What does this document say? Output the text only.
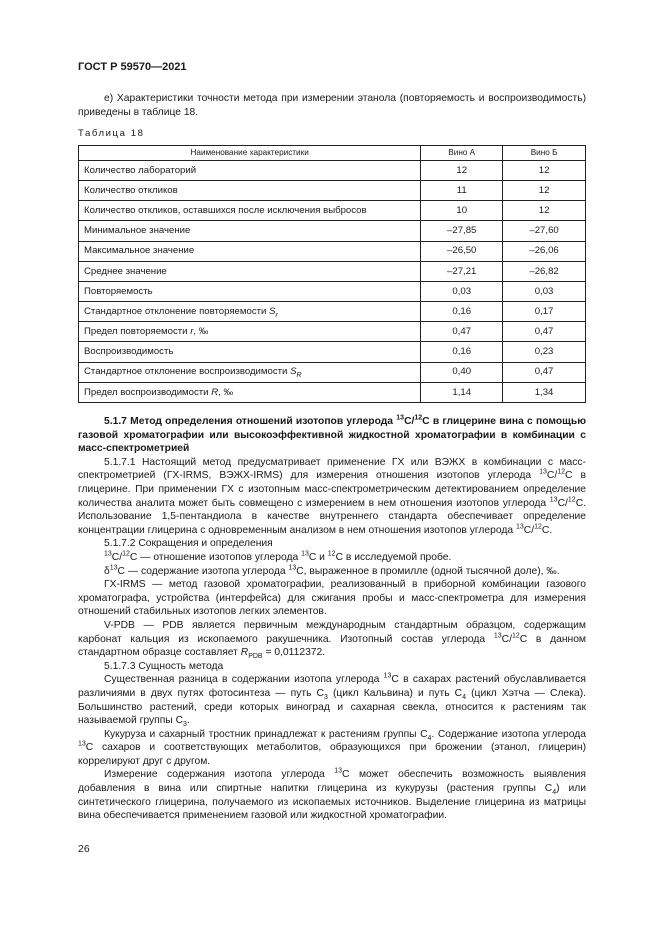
ГОСТ Р 59570—2021

е) Характеристики точности метода при измерении этанола (повторяемость и воспроизводимость) приведены в таблице 18.

Таблица 18
Наименование характеристики	Вино А	Вино Б
Количество лабораторий	12	12
Количество откликов	11	12
Количество откликов, оставшихся после исключения выбросов	10	12
Минимальное значение	–27,85	–27,60
Максимальное значение	–26,50	–26,06
Среднее значение	–27,21	–26,82
Повторяемость	0,03	0,03
Стандартное отклонение повторяемости $S_r$	0,16	0,17
Предел повторяемости r, ‰	0,47	0,47
Воспроизводимость	0,16	0,23
Стандартное отклонение воспроизводимости $S_R$	0,40	0,47
Предел воспроизводимости R, ‰	1,14	1,34

5.1.7 Метод определения отношений изотопов углерода $^{13}$С/$^{12}$С в глицерине вина с помощью газовой хроматографии или высокоэффективной жидкостной хроматографии в комбинации с масс-спектрометрией

5.1.7.1 Настоящий метод предусматривает применение ГХ или ВЭЖХ в комбинации с масс-спектрометрией (ГХ-IRMS, ВЭЖХ-IRMS) для измерения отношения изотопов углерода $^{13}$С/$^{12}$С в глицерине. При применении ГХ с изотопным масс-спектрометрическим детектированием определение количества аналита может быть совмещено с измерением в нем отношения изотопов углерода $^{13}$С/$^{12}$С. Использование 1,5-пентандиола в качестве внутреннего стандарта обеспечивает определение концентрации глицерина с одновременным анализом в нем отношения изотопов углерода $^{13}$С/$^{12}$С.

5.1.7.2 Сокращения и определения

$^{13}$С/$^{12}$С — отношение изотопов углерода $^{13}$С и $^{12}$С в исследуемой пробе.

$\delta^{13}С$ — содержание изотопа углерода $^{13}$С, выраженное в промилле (одной тысячной доле), ‰.

ГХ-IRMS — метод газовой хроматографии, реализованный в приборной комбинации газового хроматографа, устройства (интерфейса) для сжигания пробы и масс-спектрометра для измерения отношений стабильных изотопов легких элементов.

V-PDB — PDB является первичным международным стандартным образцом, содержащим карбонат кальция из ископаемого ракушечника. Изотопный состав углерода $^{13}$С/$^{12}$С в данном стандартном образце составляет $R_{PDB} = 0,0112372$.

5.1.7.3 Сущность метода

Существенная разница в содержании изотопа углерода $^{13}$С в сахарах растений обуславливается различиями в двух путях фотосинтеза — путь $С_3$ (цикл Кальвина) и путь $С_4$ (цикл Хэтча — Слека). Большинство растений, среди которых виноград и сахарная свекла, относится к растениям так называемой группы $С_3$.

Кукуруза и сахарный тростник принадлежат к растениям группы $С_4$. Содержание изотопа углерода $^{13}$С сахаров и соответствующих метаболитов, образующихся при брожении (этанол, глицерин) коррелируют друг с другом.

Измерение содержания изотопа углерода $^{13}$С может обеспечить возможность выявления добавления в вина или спиртные напитки глицерина из кукурузы (растения группы $С_4$) или синтетического глицерина, получаемого из ископаемых источников. Выделение глицерина из матрицы вина обеспечивается применением газовой или жидкостной хроматографии.

26
